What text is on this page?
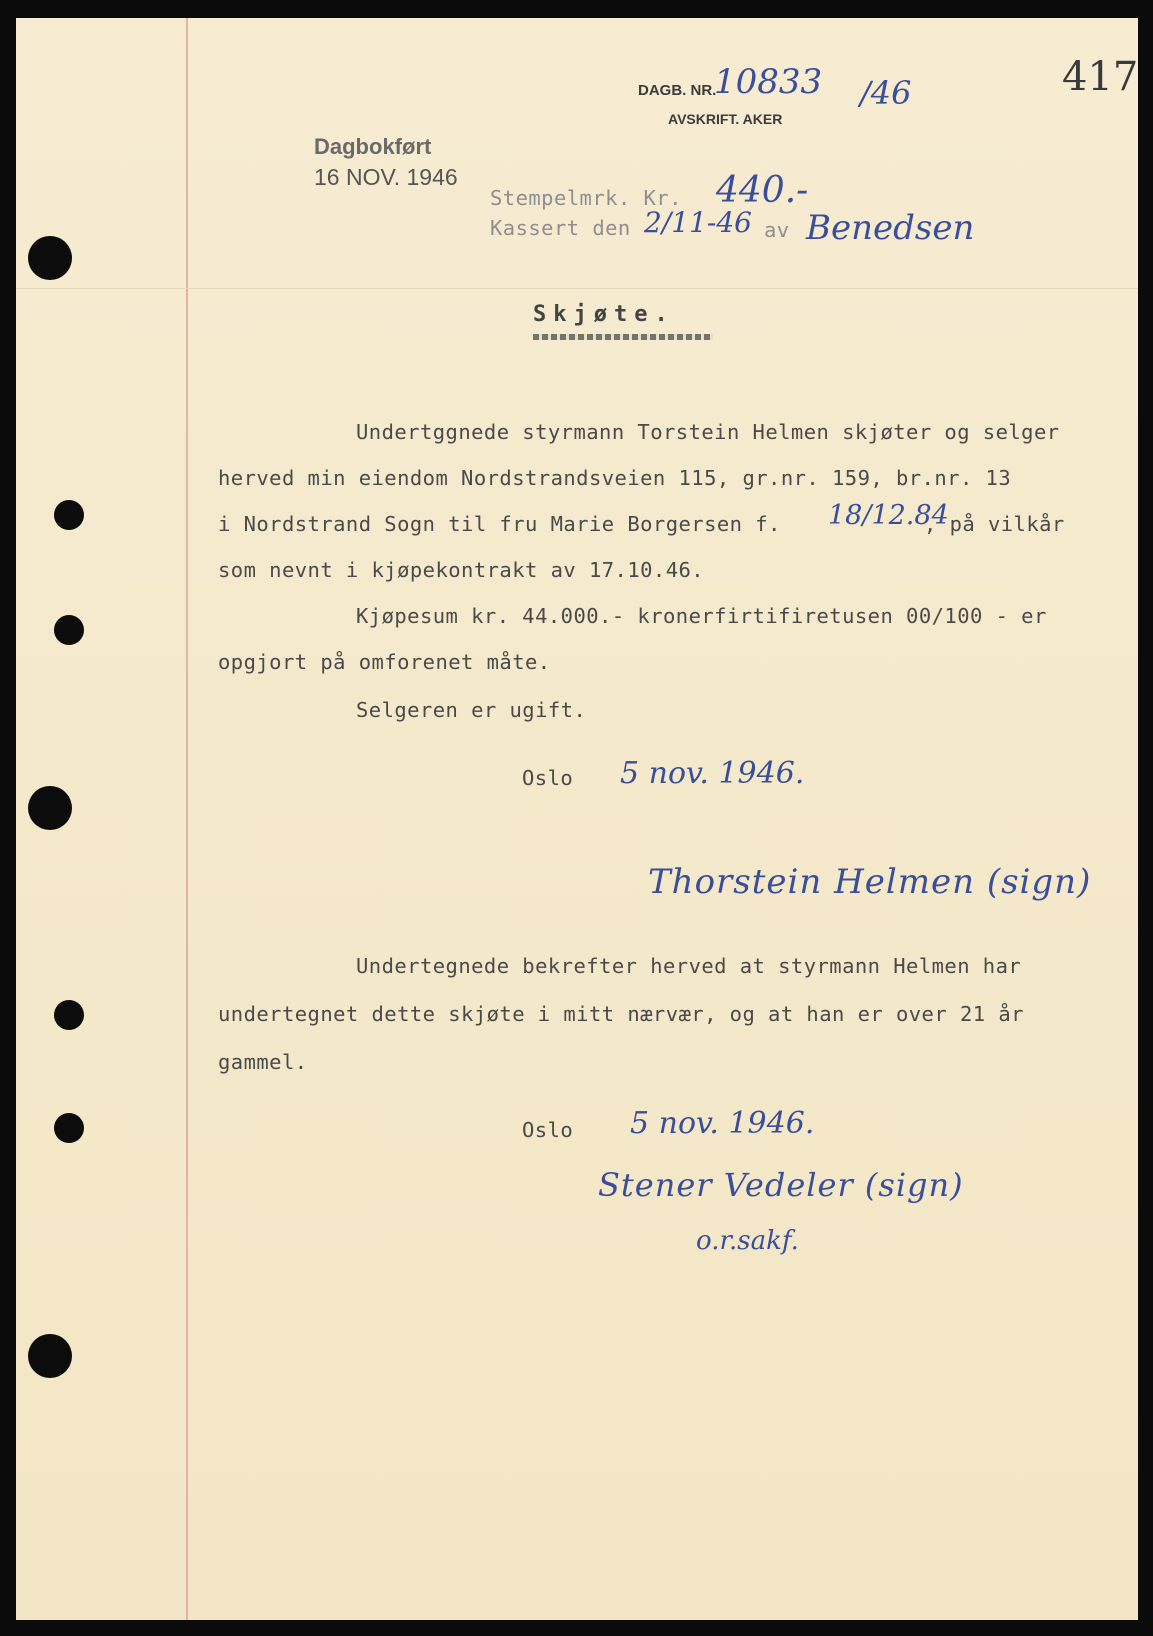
417
DAGB. NR.
10833 /46
AVSKRIFT. AKER
Dagbokført
16 NOV. 1946
Stempelmrk. Kr. 440.-
Kassert den 2/11-46 av Benedsen
Skjøte.
Undertggnede styrmann Torstein Helmen skjøter og selger
herved min eiendom Nordstrandsveien 115, gr.nr. 159, br.nr. 13
i Nordstrand Sogn til fru Marie Borgersen f. 18/12.84
, på vilkår
som nevnt i kjøpekontrakt av 17.10.46.
Kjøpesum kr. 44.000.- kronerfirtifiretusen 00/100 - er
opgjort på omforenet måte.
Selgeren er ugift.
Oslo 5 nov. 1946.
Thorstein Helmen (sign)
Undertegnede bekrefter herved at styrmann Helmen har
undertegnet dette skjøte i mitt nærvær, og at han er over 21 år
gammel.
Oslo 5 nov. 1946.
Stener Vedeler (sign)
o.r.sakf.
